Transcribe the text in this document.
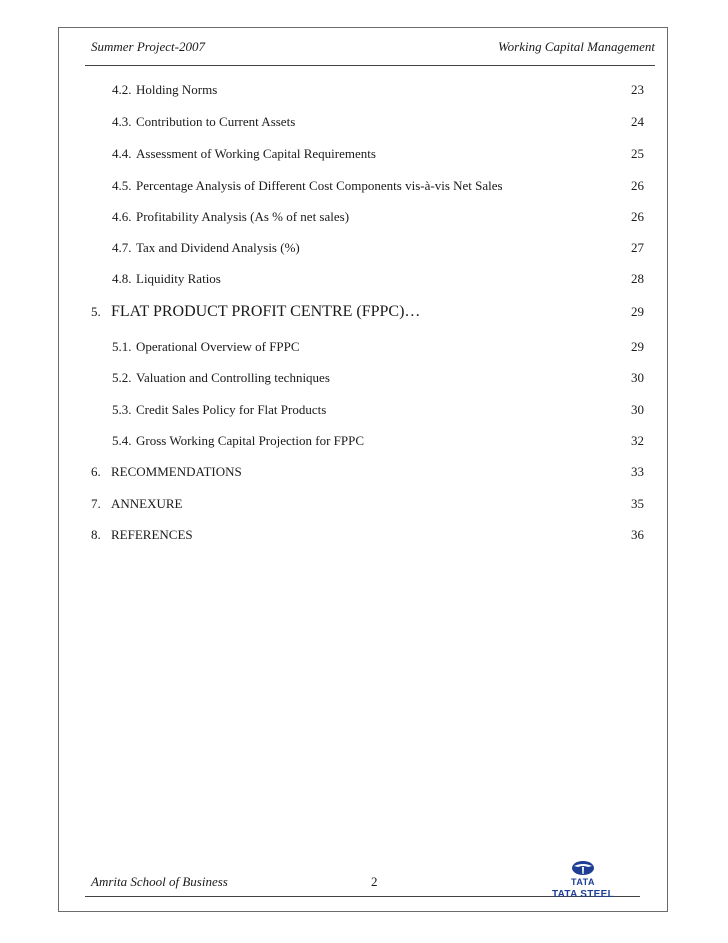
Summer Project-2007	Working Capital Management
4.2. Holding Norms	23
4.3. Contribution to Current Assets	24
4.4. Assessment of Working Capital Requirements	25
4.5. Percentage Analysis of Different Cost Components vis-à-vis Net Sales	26
4.6. Profitability Analysis (As % of net sales)	26
4.7. Tax and Dividend Analysis (%)	27
4.8. Liquidity Ratios	28
5. FLAT PRODUCT PROFIT CENTRE (FPPC)…	29
5.1. Operational Overview of FPPC	29
5.2. Valuation and Controlling techniques	30
5.3. Credit Sales Policy for Flat Products	30
5.4. Gross Working Capital Projection for FPPC	32
6. RECOMMENDATIONS	33
7. ANNEXURE	35
8. REFERENCES	36
Amrita School of Business	2	TATA
TATA STEEL
